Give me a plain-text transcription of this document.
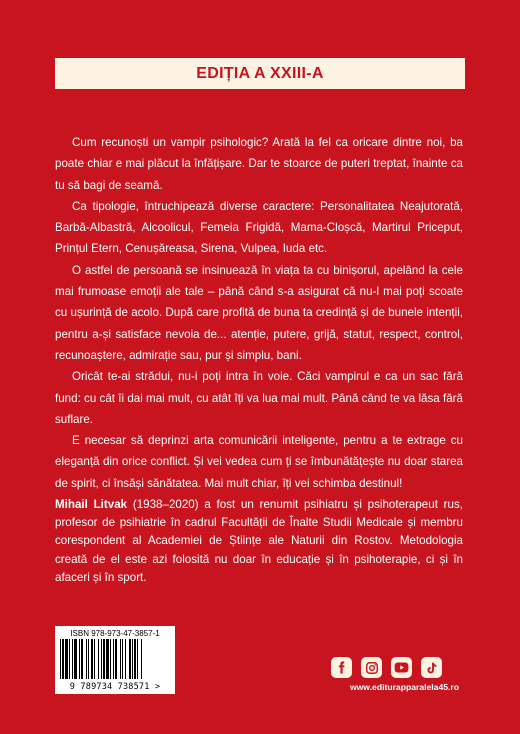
EDIȚIA A XXIII-A

Cum recunoști un vampir psihologic? Arată la fel ca oricare dintre noi, ba poate chiar e mai plăcut la înfățișare. Dar te stoarce de puteri treptat, înainte ca tu să bagi de seamă.

Ca tipologie, întruchipează diverse caractere: Personalitatea Neajutorată, Barbă-Albastră, Alcoolicul, Femeia Frigidă, Mama-Cloșcă, Martirul Priceput, Prințul Etern, Cenușăreasa, Sirena, Vulpea, Iuda etc.

O astfel de persoană se insinuează în viața ta cu binișorul, apelând la cele mai frumoase emoții ale tale – până când s-a asigurat că nu-l mai poți scoate cu ușurință de acolo. După care profită de buna ta credință și de bunele intenții, pentru a-și satisface nevoia de... atenție, putere, grijă, statut, respect, control, recunoaștere, admirație sau, pur și simplu, bani.

Oricât te-ai strădui, nu-i poți intra în voie. Căci vampirul e ca un sac fără fund: cu cât îi dai mai mult, cu atât îți va lua mai mult. Până când te va lăsa fără suflare.

E necesar să deprinzi arta comunicării inteligente, pentru a te extrage cu eleganță din orice conflict. Și vei vedea cum ți se îmbunătățește nu doar starea de spirit, ci însăși sănătatea. Mai mult chiar, îți vei schimba destinul!

Mihail Litvak (1938–2020) a fost un renumit psihiatru și psihoterapeut rus, profesor de psihiatrie în cadrul Facultății de Înalte Studii Medicale și membru corespondent al Academiei de Științe ale Naturii din Rostov. Metodologia creată de el este azi folosită nu doar în educație și în psihoterapie, ci și în afaceri și în sport.
ISBN 978-973-47-3857-1
9 789734 738571 >	www.editurapparalela45.ro
